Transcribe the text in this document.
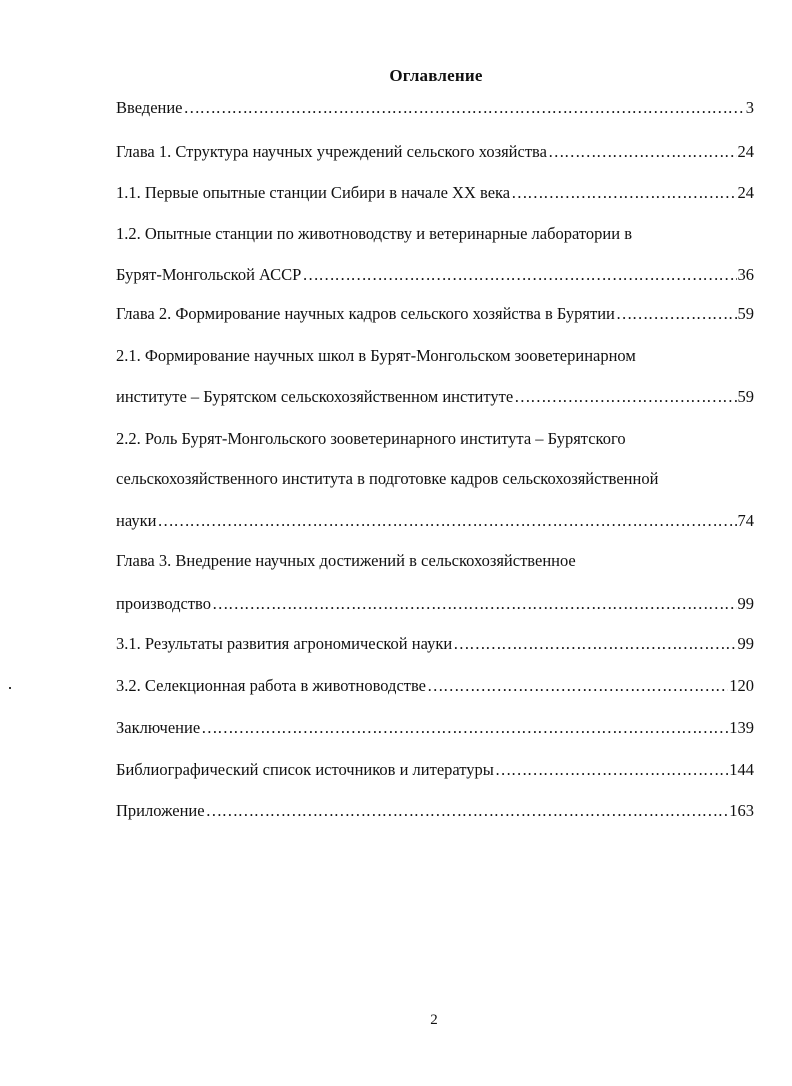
Оглавление
Введение …………………………………………………………………………………………………………………………………………………………………………………………	3
Глава 1. Структура научных учреждений сельского хозяйства …………………………………………………………………………………………………………………………………………………………………………………………	24
1.1. Первые опытные станции Сибири в начале XX века …………………………………………………………………………………………………………………………………………………………………………………………	24
1.2. Опытные станции по животноводству и ветеринарные лаборатории в
Бурят-Монгольской АССР …………………………………………………………………………………………………………………………………………………………………………………………	36
Глава 2. Формирование научных кадров сельского хозяйства в Бурятии …………………………………………………………………………………………………………………………………………………………………………………………	59
2.1. Формирование научных школ в Бурят-Монгольском зооветеринарном
институте – Бурятском сельскохозяйственном институте …………………………………………………………………………………………………………………………………………………………………………………………	59
2.2. Роль Бурят-Монгольского зооветеринарного института – Бурятского
сельскохозяйственного института в подготовке кадров сельскохозяйственной
науки …………………………………………………………………………………………………………………………………………………………………………………………	74
Глава 3. Внедрение научных достижений в сельскохозяйственное
производство …………………………………………………………………………………………………………………………………………………………………………………………	99
3.1. Результаты развития агрономической науки …………………………………………………………………………………………………………………………………………………………………………………………	99
3.2. Селекционная работа в животноводстве …………………………………………………………………………………………………………………………………………………………………………………………	120
Заключение …………………………………………………………………………………………………………………………………………………………………………………………	139
Библиографический список источников и литературы …………………………………………………………………………………………………………………………………………………………………………………………	144
Приложение …………………………………………………………………………………………………………………………………………………………………………………………	163
2
